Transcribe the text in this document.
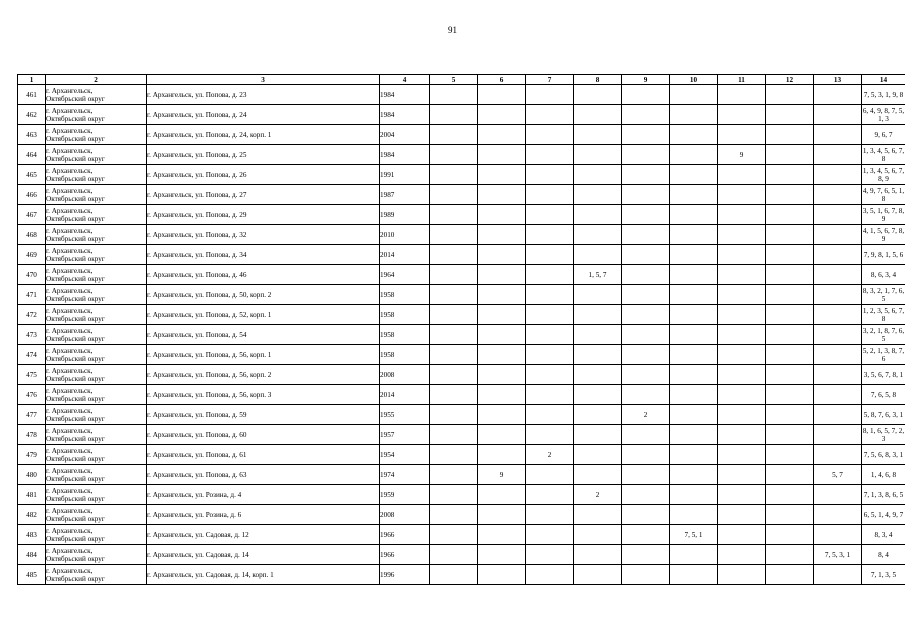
91
1	2	3	4	5	6	7	8	9	10	11	12	13	14
461	г. Архангельск,
Октябрьский округ	г. Архангельск, ул. Попова, д. 23	1984										7, 5, 3, 1, 9, 8
462	г. Архангельск,
Октябрьский округ	г. Архангельск, ул. Попова, д. 24	1984										6, 4, 9, 8, 7, 5, 1, 3
463	г. Архангельск,
Октябрьский округ	г. Архангельск, ул. Попова, д. 24, корп. 1	2004										9, 6, 7
464	г. Архангельск,
Октябрьский округ	г. Архангельск, ул. Попова, д. 25	1984							9			1, 3, 4, 5, 6, 7, 8
465	г. Архангельск,
Октябрьский округ	г. Архангельск, ул. Попова, д. 26	1991										1, 3, 4, 5, 6, 7, 8, 9
466	г. Архангельск,
Октябрьский округ	г. Архангельск, ул. Попова, д. 27	1987										4, 9, 7, 6, 5, 1, 8
467	г. Архангельск,
Октябрьский округ	г. Архангельск, ул. Попова, д. 29	1989										3, 5, 1, 6, 7, 8, 9
468	г. Архангельск,
Октябрьский округ	г. Архангельск, ул. Попова, д. 32	2010										4, 1, 5, 6, 7, 8, 9
469	г. Архангельск,
Октябрьский округ	г. Архангельск, ул. Попова, д. 34	2014										7, 9, 8, 1, 5, 6
470	г. Архангельск,
Октябрьский округ	г. Архангельск, ул. Попова, д. 46	1964				1, 5, 7						8, 6, 3, 4
471	г. Архангельск,
Октябрьский округ	г. Архангельск, ул. Попова, д. 50, корп. 2	1958										8, 3, 2, 1, 7, 6, 5
472	г. Архангельск,
Октябрьский округ	г. Архангельск, ул. Попова, д. 52, корп. 1	1958										1, 2, 3, 5, 6, 7, 8
473	г. Архангельск,
Октябрьский округ	г. Архангельск, ул. Попова, д. 54	1958										3, 2, 1, 8, 7, 6, 5
474	г. Архангельск,
Октябрьский округ	г. Архангельск, ул. Попова, д. 56, корп. 1	1958										5, 2, 1, 3, 8, 7, 6
475	г. Архангельск,
Октябрьский округ	г. Архангельск, ул. Попова, д. 56, корп. 2	2008										3, 5, 6, 7, 8, 1
476	г. Архангельск,
Октябрьский округ	г. Архангельск, ул. Попова, д. 56, корп. 3	2014										7, 6, 5, 8
477	г. Архангельск,
Октябрьский округ	г. Архангельск, ул. Попова, д. 59	1955					2					5, 8, 7, 6, 3, 1
478	г. Архангельск,
Октябрьский округ	г. Архангельск, ул. Попова, д. 60	1957										8, 1, 6, 5, 7, 2, 3
479	г. Архангельск,
Октябрьский округ	г. Архангельск, ул. Попова, д. 61	1954			2							7, 5, 6, 8, 3, 1
480	г. Архангельск,
Октябрьский округ	г. Архангельск, ул. Попова, д. 63	1974		9							5, 7	1, 4, 6, 8
481	г. Архангельск,
Октябрьский округ	г. Архангельск, ул. Розина, д. 4	1959				2						7, 1, 3, 8, 6, 5
482	г. Архангельск,
Октябрьский округ	г. Архангельск, ул. Розина, д. 6	2008										6, 5, 1, 4, 9, 7
483	г. Архангельск,
Октябрьский округ	г. Архангельск, ул. Садовая, д. 12	1966						7, 5, 1				8, 3, 4
484	г. Архангельск,
Октябрьский округ	г. Архангельск, ул. Садовая, д. 14	1966									7, 5, 3, 1	8, 4
485	г. Архангельск,
Октябрьский округ	г. Архангельск, ул. Садовая, д. 14, корп. 1	1996										7, 1, 3, 5
